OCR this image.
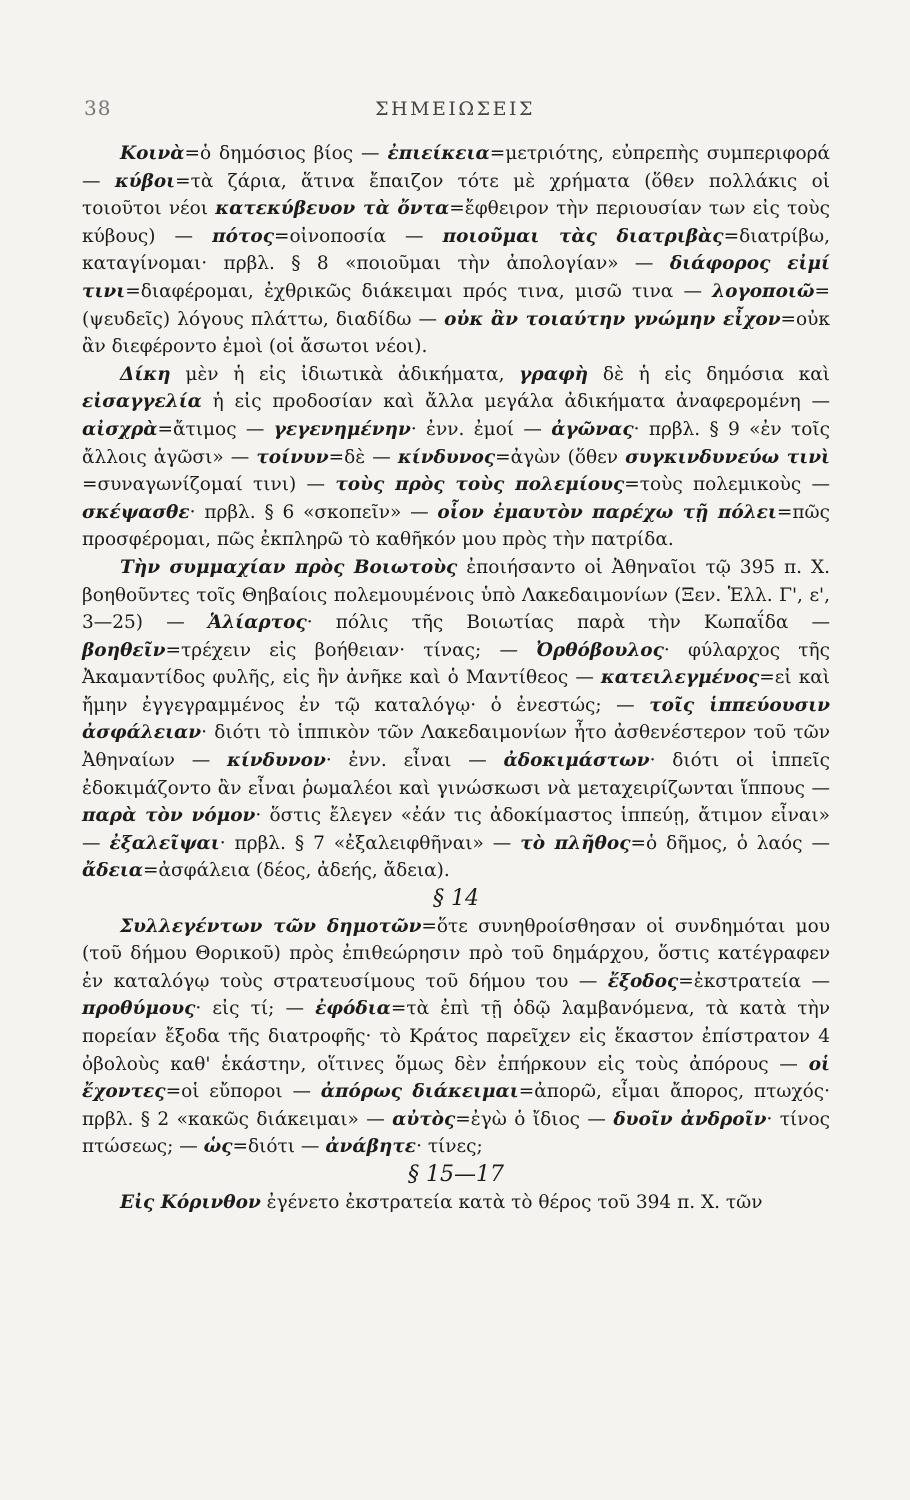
38	ΣΗΜΕΙΩΣΕΙΣ

Κοινὰ=ὁ δημόσιος βίος — ἐπιείκεια=μετριότης, εὐπρεπὴς συμπεριφορά — κύβοι=τὰ ζάρια, ἅτινα ἔπαιζον τότε μὲ χρήματα (ὅθεν πολλάκις οἱ τοιοῦτοι νέοι κατεκύβευον τὰ ὄντα=ἔφθειρον τὴν περιουσίαν των εἰς τοὺς κύβους) — πότος=οἰνοποσία — ποιοῦμαι τὰς διατριβὰς=διατρίβω, καταγίνομαι· πρβλ. § 8 «ποιοῦμαι τὴν ἀπολογίαν» — διάφορος εἰμί τινι=διαφέρομαι, ἐχθρικῶς διάκειμαι πρός τινα, μισῶ τινα — λογοποιῶ=(ψευδεῖς) λόγους πλάττω, διαδίδω — οὐκ ἂν τοιαύτην γνώμην εἶχον=οὐκ ἂν διεφέροντο ἐμοὶ (οἱ ἄσωτοι νέοι).

Δίκη μὲν ἡ εἰς ἰδιωτικὰ ἀδικήματα, γραφὴ δὲ ἡ εἰς δημόσια καὶ εἰσαγγελία ἡ εἰς προδοσίαν καὶ ἄλλα μεγάλα ἀδικήματα ἀναφερομένη — αἰσχρὰ=ἄτιμος — γεγενημένην· ἐνν. ἐμοί — ἀγῶνας· πρβλ. § 9 «ἐν τοῖς ἄλλοις ἀγῶσι» — τοίνυν=δὲ — κίνδυνος=ἀγὼν (ὅθεν συγκινδυνεύω τινὶ =συναγωνίζομαί τινι) — τοὺς πρὸς τοὺς πολεμίους=τοὺς πολεμικοὺς — σκέψασθε· πρβλ. § 6 «σκοπεῖν» — οἷον ἐμαυτὸν παρέχω τῇ πόλει=πῶς προσφέρομαι, πῶς ἐκπληρῶ τὸ καθῆκόν μου πρὸς τὴν πατρίδα.

Τὴν συμμαχίαν πρὸς Βοιωτοὺς ἐποιήσαντο οἱ Ἀθηναῖοι τῷ 395 π. Χ. βοηθοῦντες τοῖς Θηβαίοις πολεμουμένοις ὑπὸ Λακεδαιμονίων (Ξεν. Ἑλλ. Γ', ε', 3—25) — Ἁλίαρτος· πόλις τῆς Βοιωτίας παρὰ τὴν Κωπαΐδα — βοηθεῖν=τρέχειν εἰς βοήθειαν· τίνας; — Ὀρθόβουλος· φύλαρχος τῆς Ἀκαμαντίδος φυλῆς, εἰς ἣν ἀνῆκε καὶ ὁ Μαντίθεος — κατειλεγμένος=εἰ καὶ ἤμην ἐγγεγραμμένος ἐν τῷ καταλόγῳ· ὁ ἐνεστώς; — τοῖς ἱππεύουσιν ἀσφάλειαν· διότι τὸ ἱππικὸν τῶν Λακεδαιμονίων ἦτο ἀσθενέστερον τοῦ τῶν Ἀθηναίων — κίνδυνον· ἐνν. εἶναι — ἀδοκιμάστων· διότι οἱ ἱππεῖς ἐδοκιμάζοντο ἂν εἶναι ῥωμαλέοι καὶ γινώσκωσι νὰ μεταχειρίζωνται ἵππους — παρὰ τὸν νόμον· ὅστις ἔλεγεν «ἐάν τις ἀδοκίμαστος ἱππεύῃ, ἄτιμον εἶναι» — ἐξαλεῖψαι· πρβλ. § 7 «ἐξαλειφθῆναι» — τὸ πλῆθος=ὁ δῆμος, ὁ λαός — ἄδεια=ἀσφάλεια (δέος, ἀδεής, ἄδεια).

§ 14

Συλλεγέντων τῶν δημοτῶν=ὅτε συνηθροίσθησαν οἱ συνδημόται μου (τοῦ δήμου Θορικοῦ) πρὸς ἐπιθεώρησιν πρὸ τοῦ δημάρχου, ὅστις κατέγραφεν ἐν καταλόγῳ τοὺς στρατευσίμους τοῦ δήμου του — ἔξοδος=ἐκστρατεία — προθύμους· εἰς τί; — ἐφόδια=τὰ ἐπὶ τῇ ὁδῷ λαμβανόμενα, τὰ κατὰ τὴν πορείαν ἔξοδα τῆς διατροφῆς· τὸ Κράτος παρεῖχεν εἰς ἕκαστον ἐπίστρατον 4 ὀβολοὺς καθ' ἑκάστην, οἵτινες ὅμως δὲν ἐπήρκουν εἰς τοὺς ἀπόρους — οἱ ἔχοντες=οἱ εὔποροι — ἀπόρως διάκειμαι=ἀπορῶ, εἶμαι ἄπορος, πτωχός· πρβλ. § 2 «κακῶς διάκειμαι» — αὐτὸς=ἐγὼ ὁ ἴδιος — δυοῖν ἀνδροῖν· τίνος πτώσεως; — ὡς=διότι — ἀνάβητε· τίνες;

§ 15—17

Εἰς Κόρινθον ἐγένετο ἐκστρατεία κατὰ τὸ θέρος τοῦ 394 π. Χ. τῶν
